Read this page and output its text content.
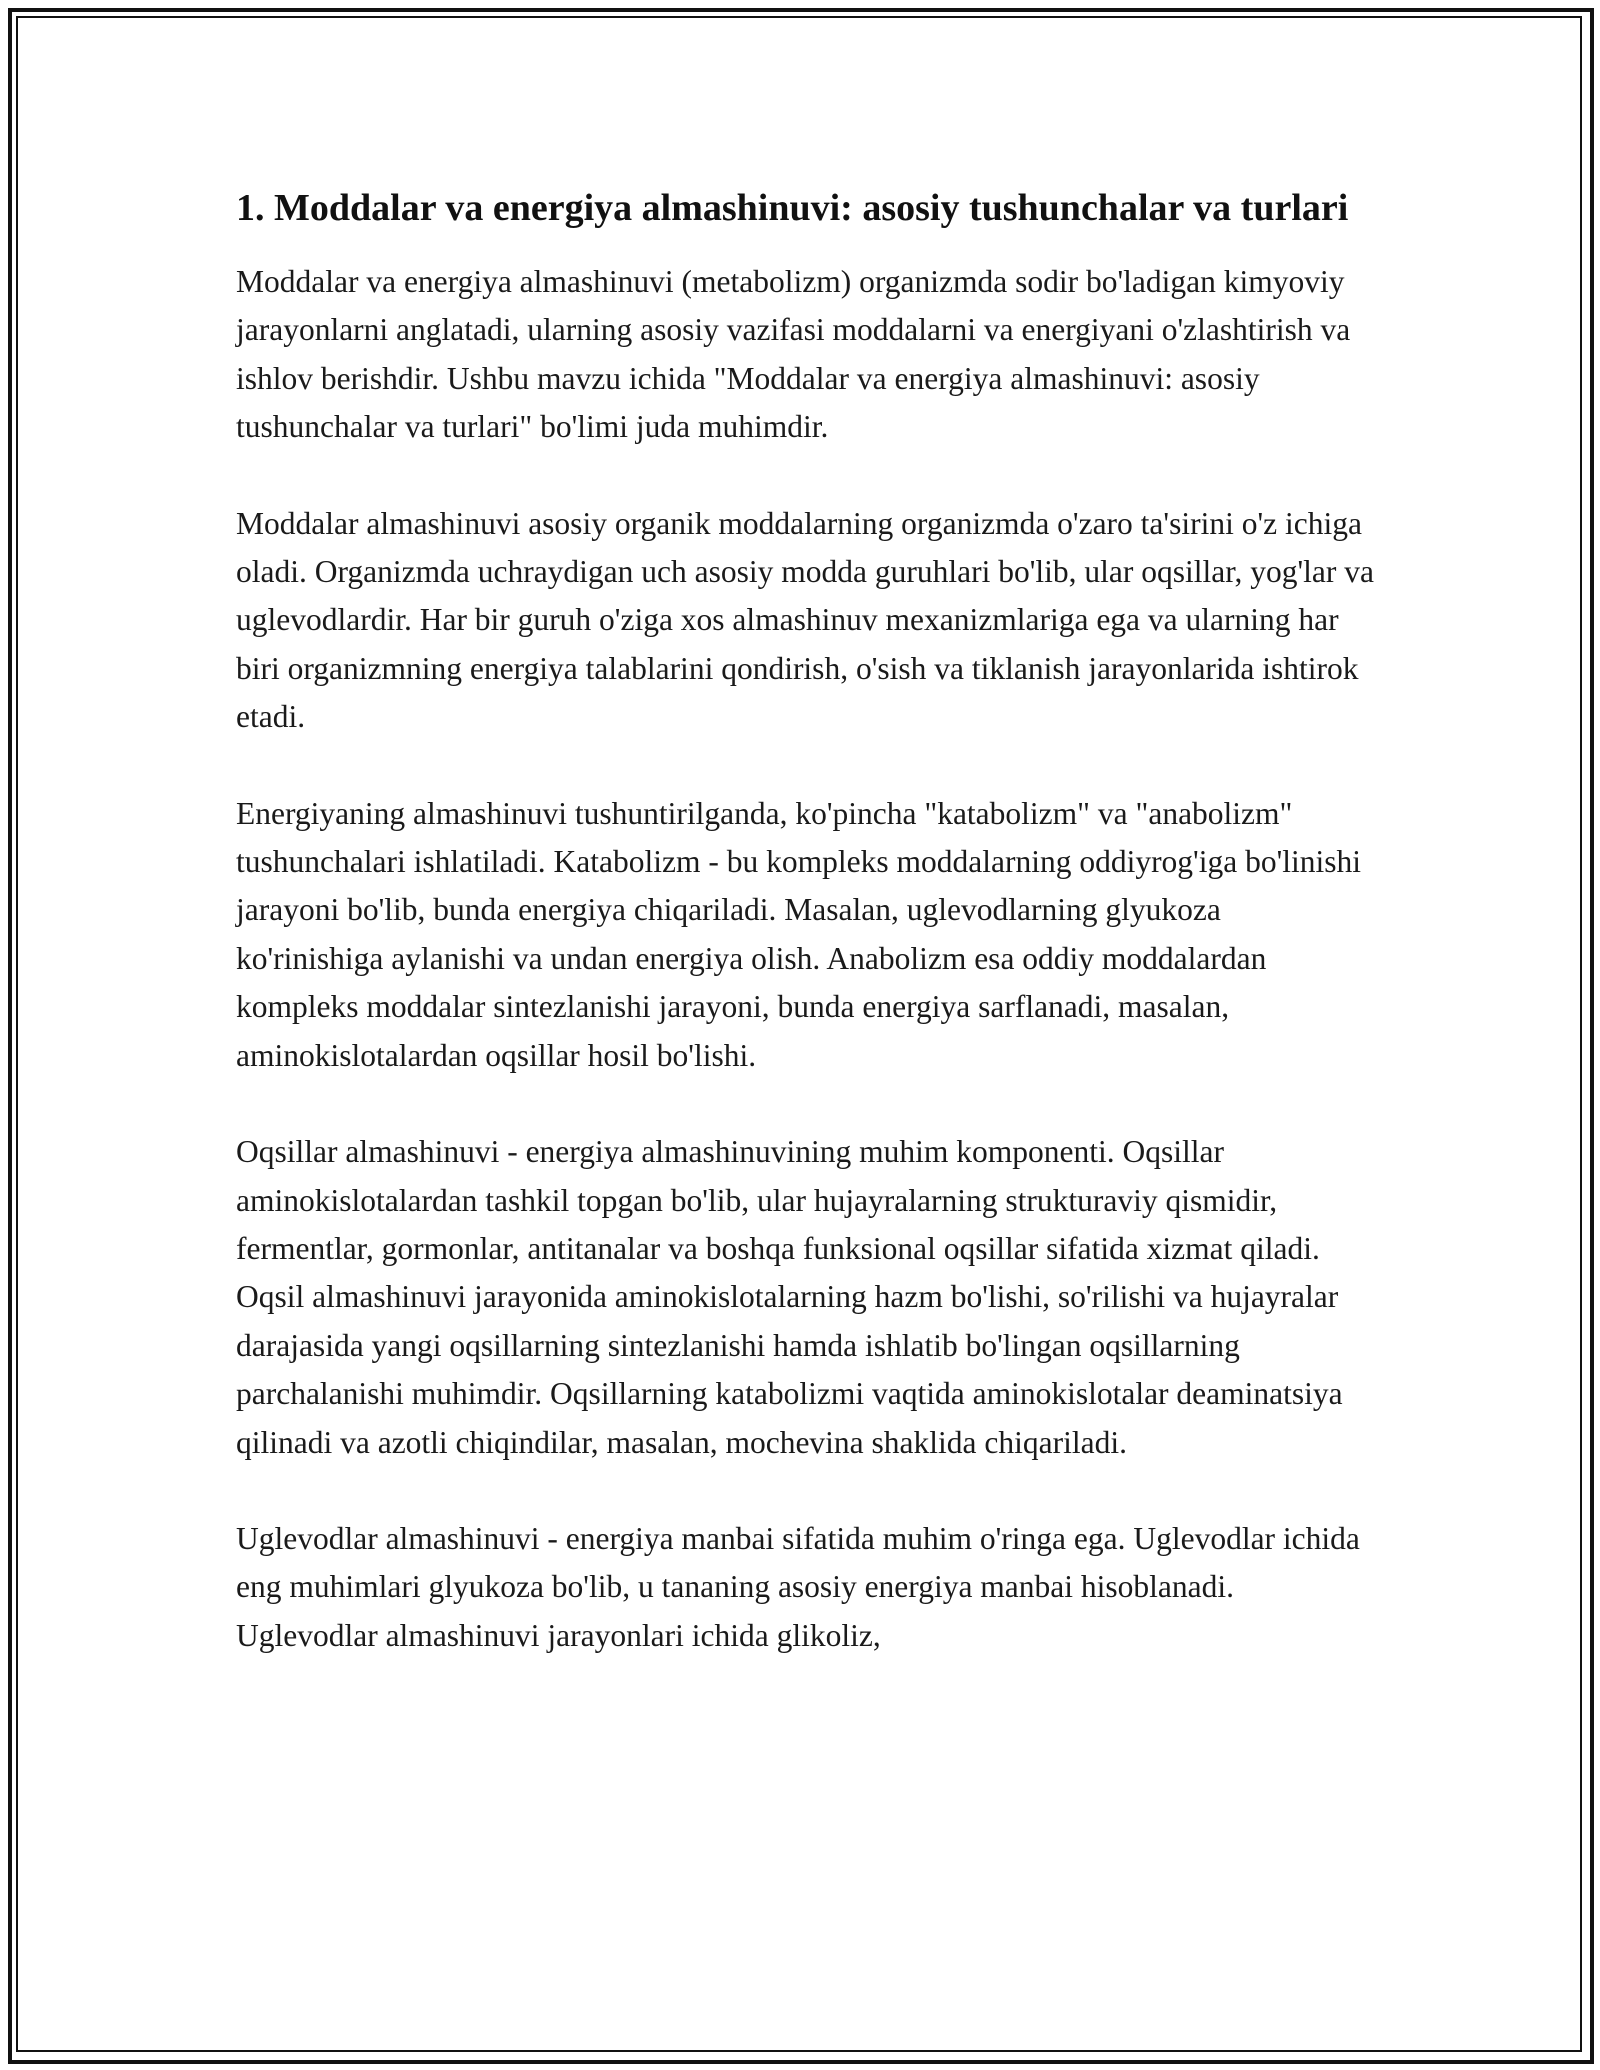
1. Moddalar va energiya almashinuvi: asosiy tushunchalar va turlari

Moddalar va energiya almashinuvi (metabolizm) organizmda sodir bo'ladigan kimyoviy jarayonlarni anglatadi, ularning asosiy vazifasi moddalarni va energiyani o'zlashtirish va ishlov berishdir. Ushbu mavzu ichida "Moddalar va energiya almashinuvi: asosiy tushunchalar va turlari" bo'limi juda muhimdir.

Moddalar almashinuvi asosiy organik moddalarning organizmda o'zaro ta'sirini o'z ichiga oladi. Organizmda uchraydigan uch asosiy modda guruhlari bo'lib, ular oqsillar, yog'lar va uglevodlardir. Har bir guruh o'ziga xos almashinuv mexanizmlariga ega va ularning har biri organizmning energiya talablarini qondirish, o'sish va tiklanish jarayonlarida ishtirok etadi.

Energiyaning almashinuvi tushuntirilganda, ko'pincha "katabolizm" va "anabolizm" tushunchalari ishlatiladi. Katabolizm - bu kompleks moddalarning oddiyrog'iga bo'linishi jarayoni bo'lib, bunda energiya chiqariladi. Masalan, uglevodlarning glyukoza ko'rinishiga aylanishi va undan energiya olish. Anabolizm esa oddiy moddalardan kompleks moddalar sintezlanishi jarayoni, bunda energiya sarflanadi, masalan, aminokislotalardan oqsillar hosil bo'lishi.

Oqsillar almashinuvi - energiya almashinuvining muhim komponenti. Oqsillar aminokislotalardan tashkil topgan bo'lib, ular hujayralarning strukturaviy qismidir, fermentlar, gormonlar, antitanalar va boshqa funksional oqsillar sifatida xizmat qiladi. Oqsil almashinuvi jarayonida aminokislotalarning hazm bo'lishi, so'rilishi va hujayralar darajasida yangi oqsillarning sintezlanishi hamda ishlatib bo'lingan oqsillarning parchalanishi muhimdir. Oqsillarning katabolizmi vaqtida aminokislotalar deaminatsiya qilinadi va azotli chiqindilar, masalan, mochevina shaklida chiqariladi.

Uglevodlar almashinuvi - energiya manbai sifatida muhim o'ringa ega. Uglevodlar ichida eng muhimlari glyukoza bo'lib, u tananing asosiy energiya manbai hisoblanadi. Uglevodlar almashinuvi jarayonlari ichida glikoliz,
